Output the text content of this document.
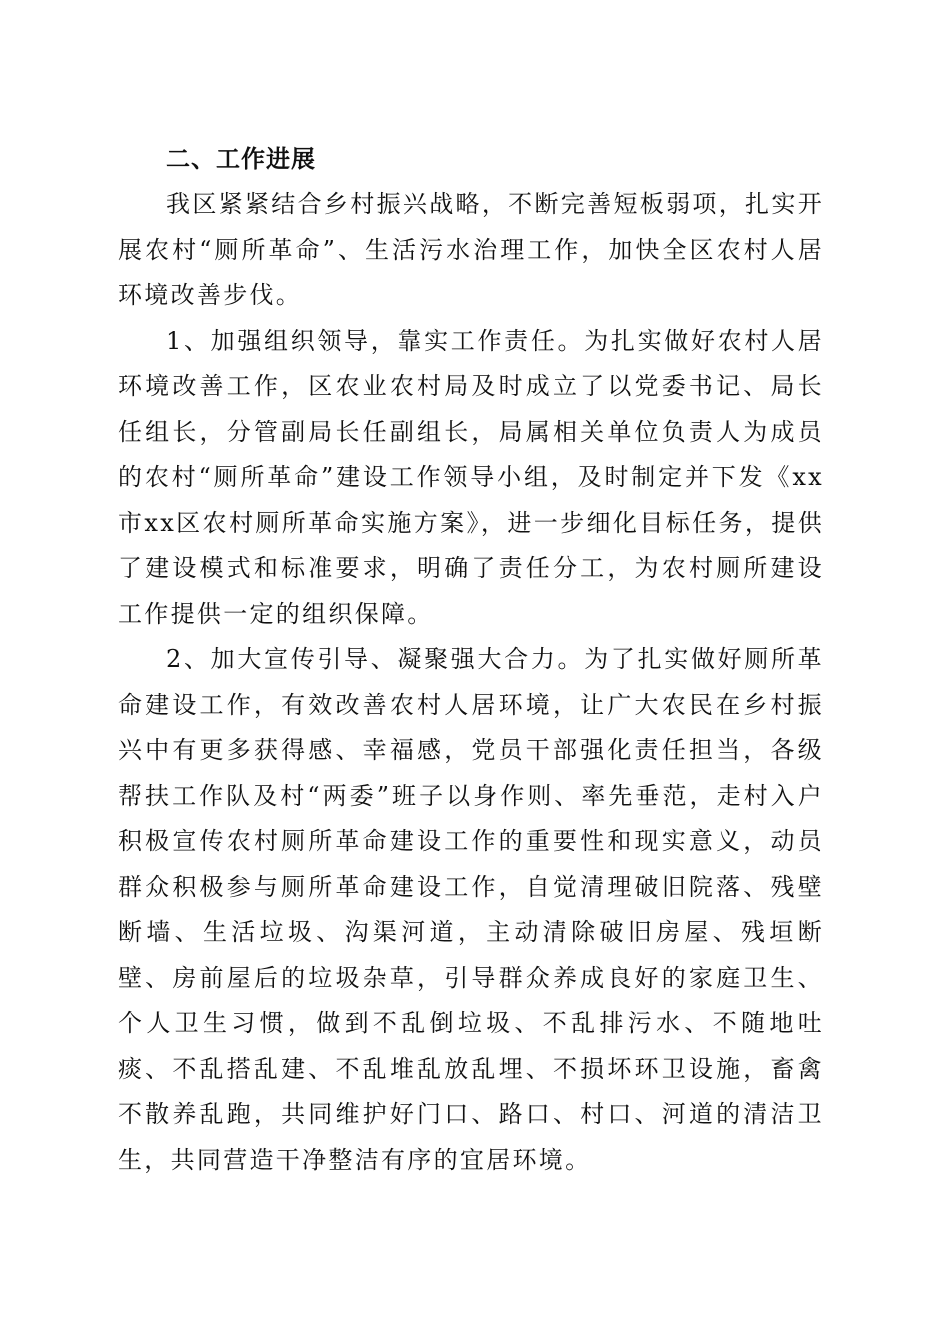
二、工作进展

我区紧紧结合乡村振兴战略，不断完善短板弱项，扎实开展农村“厕所革命”、生活污水治理工作，加快全区农村人居环境改善步伐。

1、加强组织领导，靠实工作责任。为扎实做好农村人居环境改善工作，区农业农村局及时成立了以党委书记、局长任组长，分管副局长任副组长，局属相关单位负责人为成员的农村“厕所革命”建设工作领导小组，及时制定并下发《xx市xx区农村厕所革命实施方案》，进一步细化目标任务，提供了建设模式和标准要求，明确了责任分工，为农村厕所建设工作提供一定的组织保障。

2、加大宣传引导、凝聚强大合力。为了扎实做好厕所革命建设工作，有效改善农村人居环境，让广大农民在乡村振兴中有更多获得感、幸福感，党员干部强化责任担当，各级帮扶工作队及村“两委”班子以身作则、率先垂范，走村入户积极宣传农村厕所革命建设工作的重要性和现实意义，动员群众积极参与厕所革命建设工作，自觉清理破旧院落、残壁断墙、生活垃圾、沟渠河道，主动清除破旧房屋、残垣断壁、房前屋后的垃圾杂草，引导群众养成良好的家庭卫生、个人卫生习惯，做到不乱倒垃圾、不乱排污水、不随地吐痰、不乱搭乱建、不乱堆乱放乱埋、不损坏环卫设施，畜禽不散养乱跑，共同维护好门口、路口、村口、河道的清洁卫生，共同营造干净整洁有序的宜居环境。
